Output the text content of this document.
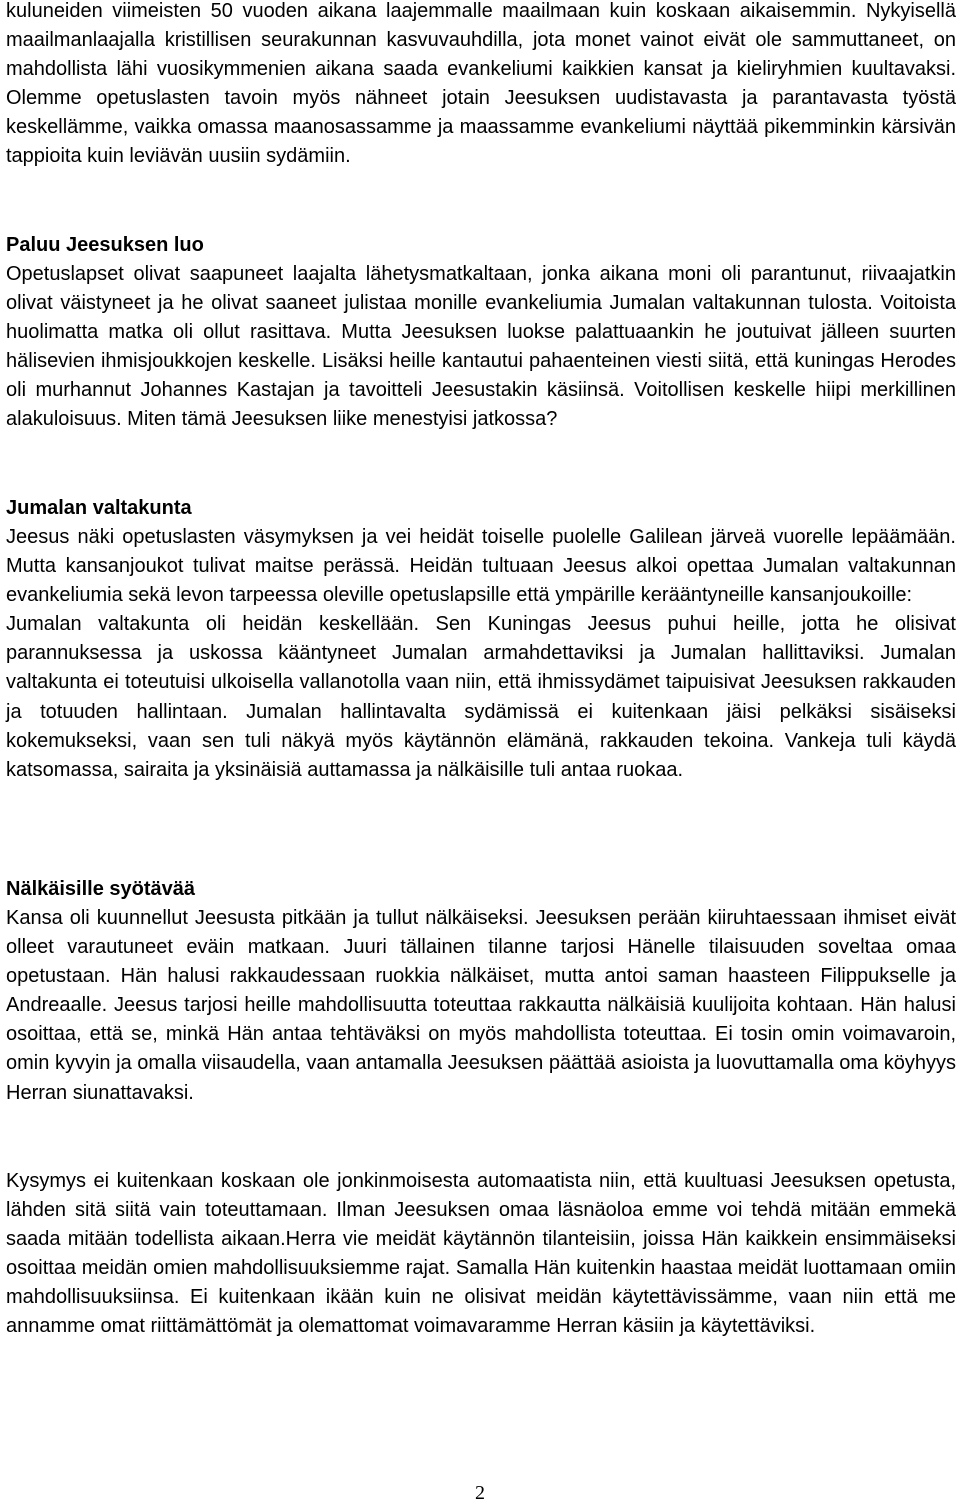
kuluneiden viimeisten 50 vuoden aikana laajemmalle maailmaan kuin koskaan aikaisemmin. Nykyisellä maailmanlaajalla kristillisen seurakunnan kasvuvauhdilla, jota monet vainot eivät ole sammuttaneet, on mahdollista lähi vuosikymmenien aikana saada evankeliumi kaikkien kansat ja kieliryhmien kuultavaksi. Olemme opetuslasten tavoin myös nähneet jotain Jeesuksen uudistavasta ja parantavasta työstä keskellämme, vaikka omassa maanosassamme ja maassamme evankeliumi näyttää pikemminkin kärsivän tappioita kuin leviävän uusiin sydämiin.

Paluu Jeesuksen luo

Opetuslapset olivat saapuneet laajalta lähetysmatkaltaan, jonka aikana moni oli parantunut, riivaajatkin olivat väistyneet ja he olivat saaneet julistaa monille evankeliumia Jumalan valtakunnan tulosta. Voitoista huolimatta matka oli ollut rasittava. Mutta Jeesuksen luokse palattuaankin he joutuivat jälleen suurten hälisevien ihmisjoukkojen keskelle. Lisäksi heille kantautui pahaenteinen viesti siitä, että kuningas Herodes oli murhannut Johannes Kastajan ja tavoitteli Jeesustakin käsiinsä. Voitollisen keskelle hiipi merkillinen alakuloisuus. Miten tämä Jeesuksen liike menestyisi jatkossa?

Jumalan valtakunta

Jeesus näki opetuslasten väsymyksen ja vei heidät toiselle puolelle Galilean järveä vuorelle lepäämään. Mutta kansanjoukot tulivat maitse perässä. Heidän tultuaan Jeesus alkoi opettaa Jumalan valtakunnan evankeliumia sekä levon tarpeessa oleville opetuslapsille että ympärille kerääntyneille kansanjoukoille:

Jumalan valtakunta oli heidän keskellään. Sen Kuningas Jeesus puhui heille, jotta he olisivat parannuksessa ja uskossa kääntyneet Jumalan armahdettaviksi ja Jumalan hallittaviksi. Jumalan valtakunta ei toteutuisi ulkoisella vallanotolla vaan niin, että ihmissydämet taipuisivat Jeesuksen rakkauden ja totuuden hallintaan. Jumalan hallintavalta sydämissä ei kuitenkaan jäisi pelkäksi sisäiseksi kokemukseksi, vaan sen tuli näkyä myös käytännön elämänä, rakkauden tekoina. Vankeja tuli käydä katsomassa, sairaita ja yksinäisiä auttamassa ja nälkäisille tuli antaa ruokaa.

Nälkäisille syötävää

Kansa oli kuunnellut Jeesusta pitkään ja tullut nälkäiseksi. Jeesuksen perään kiiruhtaessaan ihmiset eivät olleet varautuneet eväin matkaan. Juuri tällainen tilanne tarjosi Hänelle tilaisuuden soveltaa omaa opetustaan. Hän halusi rakkaudessaan ruokkia nälkäiset, mutta antoi saman haasteen Filippukselle ja Andreaalle. Jeesus tarjosi heille mahdollisuutta toteuttaa rakkautta nälkäisiä kuulijoita kohtaan. Hän halusi osoittaa, että se, minkä Hän antaa tehtäväksi on myös mahdollista toteuttaa. Ei tosin omin voimavaroin, omin kyvyin ja omalla viisaudella, vaan antamalla Jeesuksen päättää asioista ja luovuttamalla oma köyhyys Herran siunattavaksi.

Kysymys ei kuitenkaan koskaan ole jonkinmoisesta automaatista niin, että kuultuasi Jeesuksen opetusta, lähden sitä siitä vain toteuttamaan. Ilman Jeesuksen omaa läsnäoloa emme voi tehdä mitään emmekä saada mitään todellista aikaan.Herra vie meidät käytännön tilanteisiin, joissa Hän kaikkein ensimmäiseksi osoittaa meidän omien mahdollisuuksiemme rajat. Samalla Hän kuitenkin haastaa meidät luottamaan omiin mahdollisuuksiinsa. Ei kuitenkaan ikään kuin ne olisivat meidän käytettävissämme, vaan niin että me annamme omat riittämättömät ja olemattomat voimavaramme Herran käsiin ja käytettäviksi.

2
